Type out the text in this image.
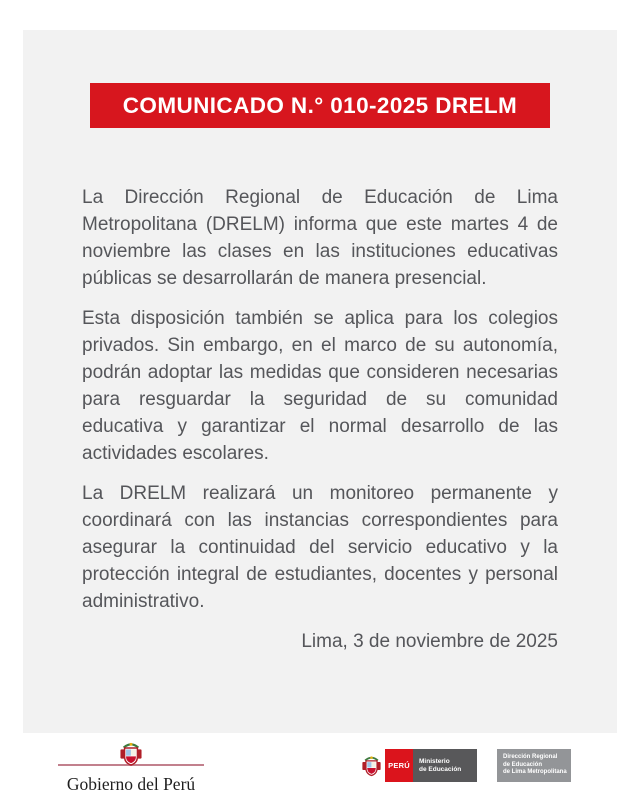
COMUNICADO N.° 010-2025 DRELM

La Dirección Regional de Educación de Lima Metropolitana (DRELM) informa que este martes 4 de noviembre las clases en las instituciones educativas públicas se desarrollarán de manera presencial.

Esta disposición también se aplica para los colegios privados. Sin embargo, en el marco de su autonomía, podrán adoptar las medidas que consideren necesarias para resguardar la seguridad de su comunidad educativa y garantizar el normal desarrollo de las actividades escolares.

La DRELM realizará un monitoreo permanente y coordinará con las instancias correspondientes para asegurar la continuidad del servicio educativo y la protección integral de estudiantes, docentes y personal administrativo.

Lima, 3 de noviembre de 2025
Gobierno del Perú
PERÚ Ministerio
de Educación
Dirección Regional
de Educación
de Lima Metropolitana
